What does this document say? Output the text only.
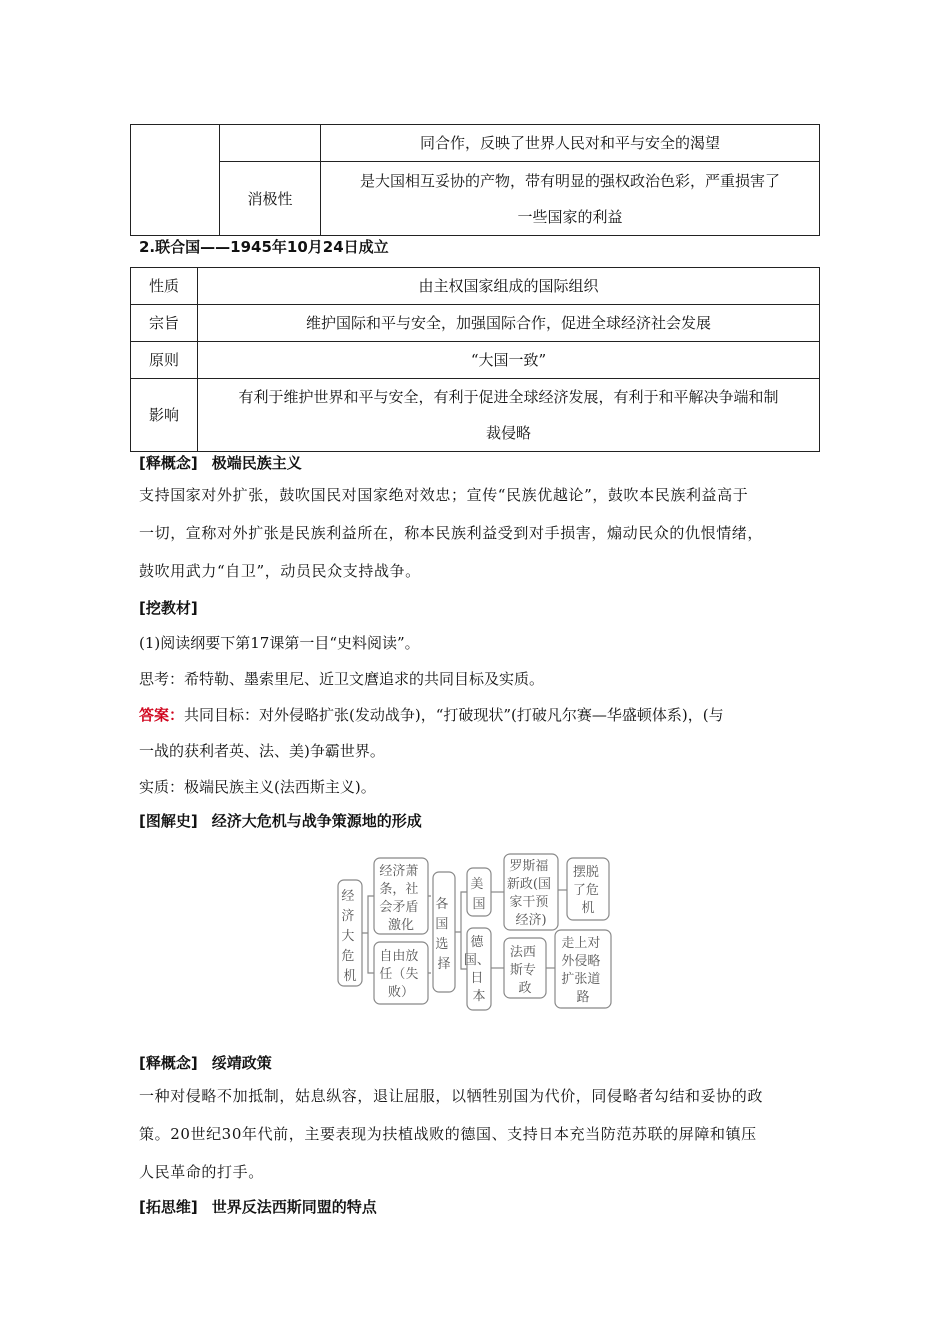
		同合作，反映了世界人民对和平与安全的渴望
	消极性	是大国相互妥协的产物，带有明显的强权政治色彩，严重损害了
一些国家的利益
2.联合国——1945年10月24日成立
性质	由主权国家组成的国际组织
宗旨	维护国际和平与安全，加强国际合作，促进全球经济社会发展
原则	“大国一致”
影响	有利于维护世界和平与安全，有利于促进全球经济发展，有利于和平解决争端和制
裁侵略
[释概念] 极端民族主义
支持国家对外扩张，鼓吹国民对国家绝对效忠；宣传“民族优越论”，鼓吹本民族利益高于
一切，宣称对外扩张是民族利益所在，称本民族利益受到对手损害，煽动民众的仇恨情绪，
鼓吹用武力“自卫”，动员民众支持战争。
[挖教材]
(1)阅读纲要下第17课第一目“史料阅读”。
思考：希特勒、墨索里尼、近卫文麿追求的共同目标及实质。
答案：共同目标：对外侵略扩张(发动战争)，“打破现状”(打破凡尔赛—华盛顿体系)，(与
一战的获利者英、法、美)争霸世界。
实质：极端民族主义(法西斯主义)。
[图解史] 经济大危机与战争策源地的形成
经 济 大 危 机
经济萧 条，社 会矛盾 激化
自由放 任（失 败）
各 国 选 择
美 国
德 国、 日 本
罗斯福 新政(国 家干预 经济)
法西 斯专 政
摆脱 了危 机
走上对 外侵略 扩张道 路
[释概念] 绥靖政策
一种对侵略不加抵制，姑息纵容，退让屈服，以牺牲别国为代价，同侵略者勾结和妥协的政
策。20世纪30年代前，主要表现为扶植战败的德国、支持日本充当防范苏联的屏障和镇压
人民革命的打手。
[拓思维] 世界反法西斯同盟的特点
